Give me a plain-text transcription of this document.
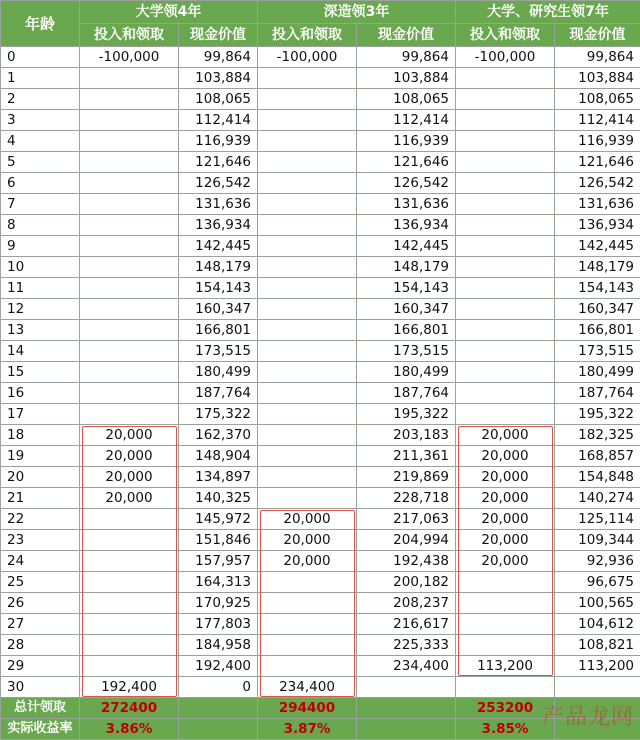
年龄	大学领4年		深造领3年		大学、研究生领7年	
	投入和领取	现金价值	投入和领取	现金价值	投入和领取	现金价值
0	-100,000	99,864	-100,000	99,864	-100,000	99,864
1		103,884		103,884		103,884
2		108,065		108,065		108,065
3		112,414		112,414		112,414
4		116,939		116,939		116,939
5		121,646		121,646		121,646
6		126,542		126,542		126,542
7		131,636		131,636		131,636
8		136,934		136,934		136,934
9		142,445		142,445		142,445
10		148,179		148,179		148,179
11		154,143		154,143		154,143
12		160,347		160,347		160,347
13		166,801		166,801		166,801
14		173,515		173,515		173,515
15		180,499		180,499		180,499
16		187,764		187,764		187,764
17		175,322		195,322		195,322
18	20,000	162,370		203,183	20,000	182,325
19	20,000	148,904		211,361	20,000	168,857
20	20,000	134,897		219,869	20,000	154,848
21	20,000	140,325		228,718	20,000	140,274
22		145,972	20,000	217,063	20,000	125,114
23		151,846	20,000	204,994	20,000	109,344
24		157,957	20,000	192,438	20,000	92,936
25		164,313		200,182		96,675
26		170,925		208,237		100,565
27		177,803		216,617		104,612
28		184,958		225,333		108,821
29		192,400		234,400	113,200	113,200
30	192,400	0	234,400			
总计领取	272400		294400		253200	
实际收益率	3.86%		3.87%		3.85%	产品龙网
